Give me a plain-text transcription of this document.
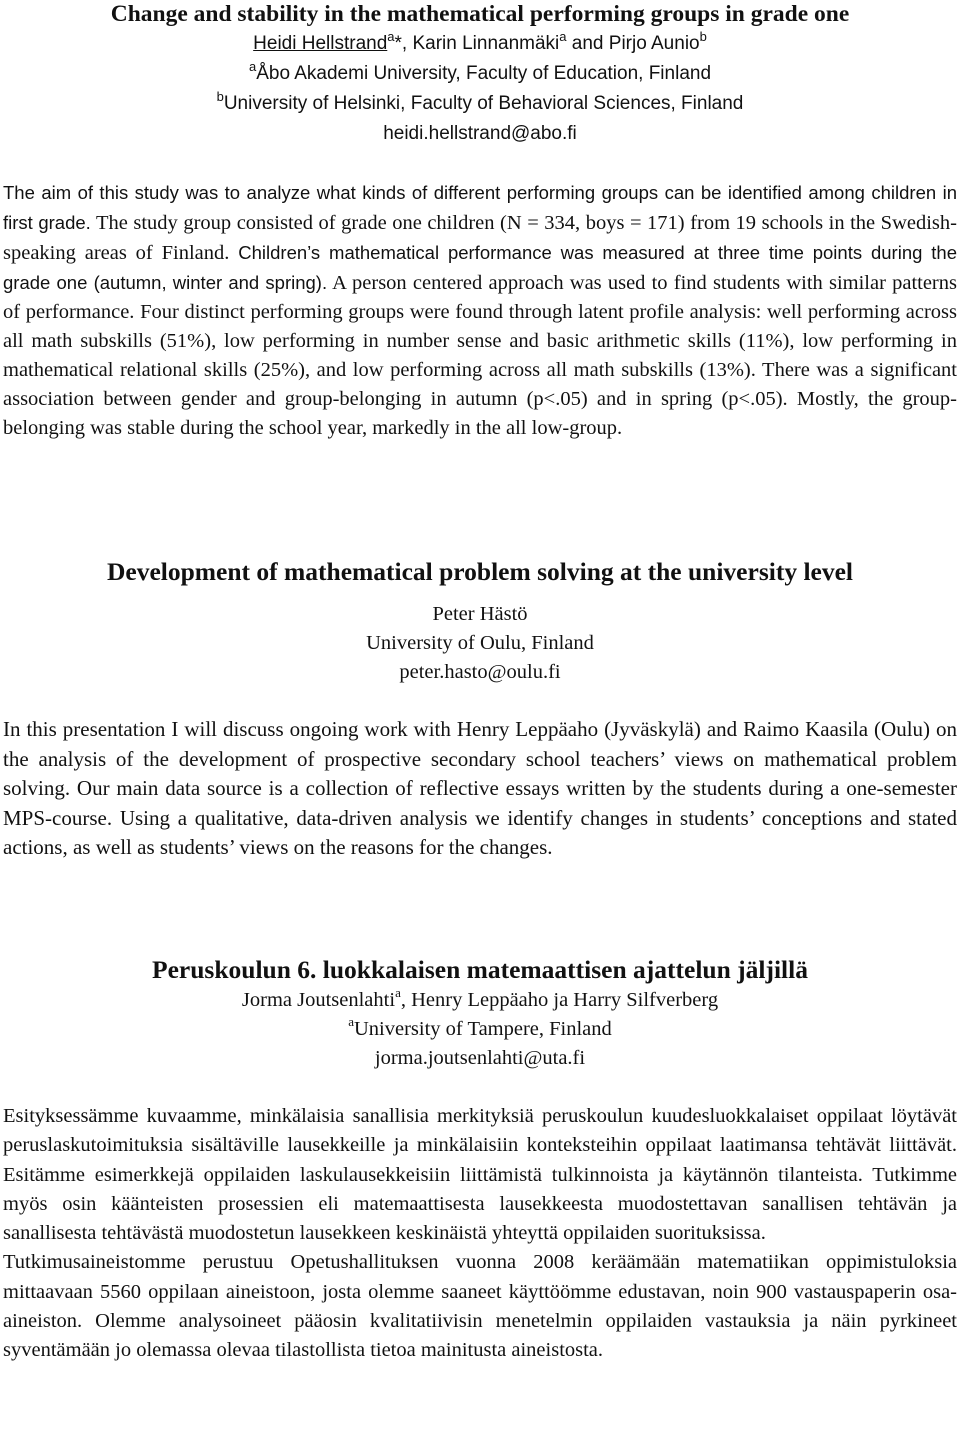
Change and stability in the mathematical performing groups in grade one

Heidi Hellstrand$^a$*, Karin Linnanmäki$^a$ and Pirjo Aunio$^b$

$^a$Åbo Akademi University, Faculty of Education, Finland

$^b$University of Helsinki, Faculty of Behavioral Sciences, Finland

heidi.hellstrand@abo.fi

The aim of this study was to analyze what kinds of different performing groups can be identified among children in first grade. The study group consisted of grade one children (N = 334, boys = 171) from 19 schools in the Swedish-speaking areas of Finland. Children’s mathematical performance was measured at three time points during the grade one (autumn, winter and spring). A person centered approach was used to find students with similar patterns of performance. Four distinct performing groups were found through latent profile analysis: well performing across all math subskills (51%), low performing in number sense and basic arithmetic skills (11%), low performing in mathematical relational skills (25%), and low performing across all math subskills (13%). There was a significant association between gender and group-belonging in autumn (p<.05) and in spring (p<.05). Mostly, the group-belonging was stable during the school year, markedly in the all low-group.

Development of mathematical problem solving at the university level

Peter Hästö

University of Oulu, Finland

peter.hasto@oulu.fi

In this presentation I will discuss ongoing work with Henry Leppäaho (Jyväskylä) and Raimo Kaasila (Oulu) on the analysis of the development of prospective secondary school teachers’ views on mathematical problem solving. Our main data source is a collection of reflective essays written by the students during a one-semester MPS-course. Using a qualitative, data-driven analysis we identify changes in students’ conceptions and stated actions, as well as students’ views on the reasons for the changes.

Peruskoulun 6. luokkalaisen matemaattisen ajattelun jäljillä

Jorma Joutsenlahti$^a$, Henry Leppäaho ja Harry Silfverberg

$^a$University of Tampere, Finland

jorma.joutsenlahti@uta.fi

Esityksessämme kuvaamme, minkälaisia sanallisia merkityksiä peruskoulun kuudesluokkalaiset oppilaat löytävät peruslaskutoimituksia sisältäville lausekkeille ja minkälaisiin konteksteihin oppilaat laatimansa tehtävät liittävät. Esitämme esimerkkejä oppilaiden laskulausekkeisiin liittämistä tulkinnoista ja käytännön tilanteista. Tutkimme myös osin käänteisten prosessien eli matemaattisesta lausekkeesta muodostettavan sanallisen tehtävän ja sanallisesta tehtävästä muodostetun lausekkeen keskinäistä yhteyttä oppilaiden suorituksissa.

Tutkimusaineistomme perustuu Opetushallituksen vuonna 2008 keräämään matematiikan oppimistuloksia mittaavaan 5560 oppilaan aineistoon, josta olemme saaneet käyttöömme edustavan, noin 900 vastauspaperin osa-aineiston. Olemme analysoineet pääosin kvalitatiivisin menetelmin oppilaiden vastauksia ja näin pyrkineet syventämään jo olemassa olevaa tilastollista tietoa mainitusta aineistosta.
